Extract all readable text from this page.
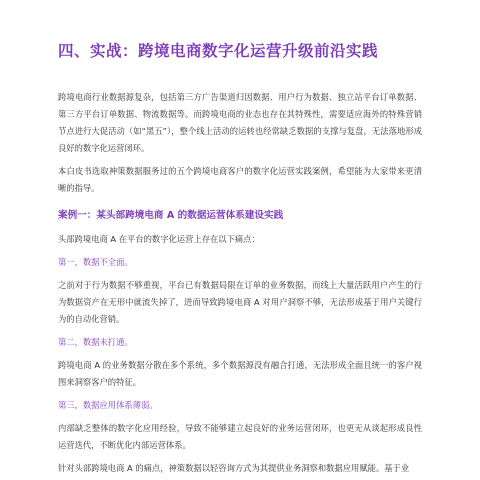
四、实战：跨境电商数字化运营升级前沿实践

跨境电商行业数据源复杂，包括第三方广告渠道归因数据、用户行为数据、独立站平台订单数据、第三方平台订单数据、物流数据等。而跨境电商的业态也存在其特殊性，需要适应海外的特殊营销节点进行大促活动（如“黑五”），整个线上活动的运转也经常缺乏数据的支撑与复盘，无法落地形成良好的数字化运营闭环。

本白皮书选取神策数据服务过的五个跨境电商客户的数字化运营实践案例，希望能为大家带来更清晰的指导。

案例一：某头部跨境电商 A 的数据运营体系建设实践

头部跨境电商 A 在平台的数字化运营上存在以下痛点：

第一，数据不全面。

之前对于行为数据不够重视，平台已有数据局限在订单的业务数据，而线上大量活跃用户产生的行为数据资产在无形中就流失掉了，进而导致跨境电商 A 对用户洞察不够，无法形成基于用户关键行为的自动化营销。

第二，数据未打通。

跨境电商 A 的业务数据分散在多个系统，多个数据源没有融合打通，无法形成全面且统一的客户视图来洞察客户的特征。

第三，数据应用体系薄弱。

内部缺乏整体的数字化应用经验，导致不能够建立起良好的业务运营闭环，也更无从谈起形成良性运营迭代，不断优化内部运营体系。

针对头部跨境电商 A 的痛点，神策数据以轻咨询方式为其提供业务洞察和数据应用赋能。基于业
